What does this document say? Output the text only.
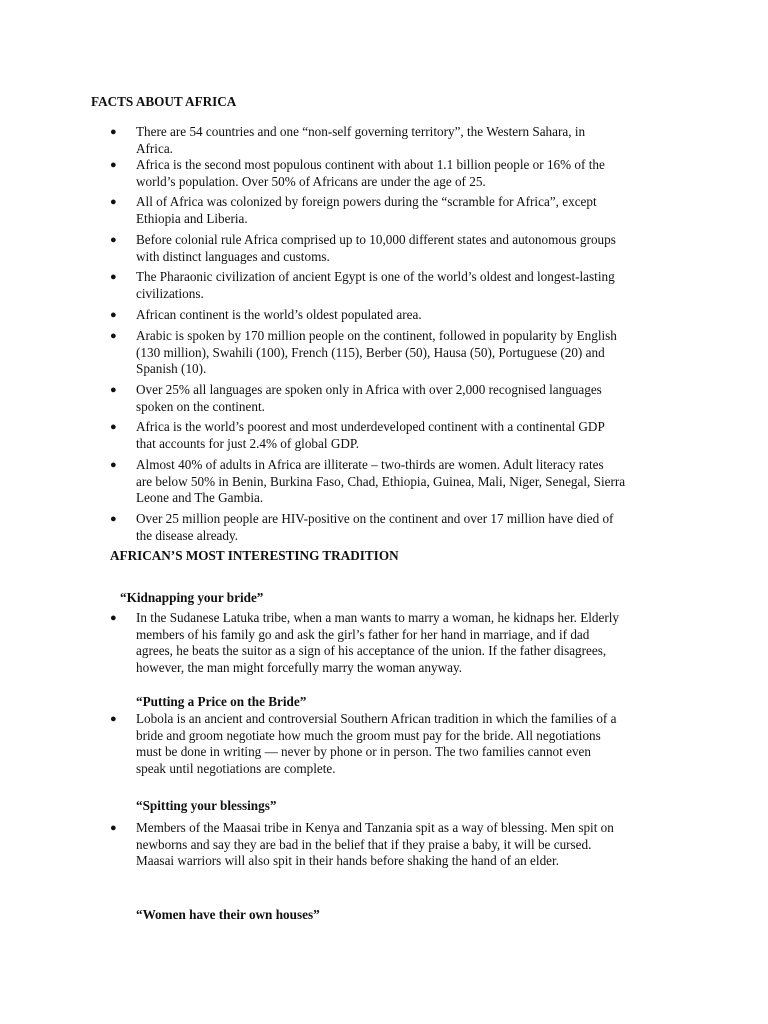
FACTS ABOUT AFRICA
● There are 54 countries and one “non-self governing territory”, the Western Sahara, in
Africa.
● Africa is the second most populous continent with about 1.1 billion people or 16% of the
world’s population. Over 50% of Africans are under the age of 25.
● All of Africa was colonized by foreign powers during the “scramble for Africa”, except
Ethiopia and Liberia.
● Before colonial rule Africa comprised up to 10,000 different states and autonomous groups
with distinct languages and customs.
● The Pharaonic civilization of ancient Egypt is one of the world’s oldest and longest-lasting
civilizations.
● African continent is the world’s oldest populated area.
● Arabic is spoken by 170 million people on the continent, followed in popularity by English
(130 million), Swahili (100), French (115), Berber (50), Hausa (50), Portuguese (20) and
Spanish (10).
● Over 25% all languages are spoken only in Africa with over 2,000 recognised languages
spoken on the continent.
● Africa is the world’s poorest and most underdeveloped continent with a continental GDP
that accounts for just 2.4% of global GDP.
● Almost 40% of adults in Africa are illiterate – two-thirds are women. Adult literacy rates
are below 50% in Benin, Burkina Faso, Chad, Ethiopia, Guinea, Mali, Niger, Senegal, Sierra
Leone and The Gambia.
● Over 25 million people are HIV-positive on the continent and over 17 million have died of
the disease already.
AFRICAN’S MOST INTERESTING TRADITION
“Kidnapping your bride”
● In the Sudanese Latuka tribe, when a man wants to marry a woman, he kidnaps her. Elderly
members of his family go and ask the girl’s father for her hand in marriage, and if dad
agrees, he beats the suitor as a sign of his acceptance of the union. If the father disagrees,
however, the man might forcefully marry the woman anyway.
“Putting a Price on the Bride”
● Lobola is an ancient and controversial Southern African tradition in which the families of a
bride and groom negotiate how much the groom must pay for the bride. All negotiations
must be done in writing — never by phone or in person. The two families cannot even
speak until negotiations are complete.
“Spitting your blessings”
● Members of the Maasai tribe in Kenya and Tanzania spit as a way of blessing. Men spit on
newborns and say they are bad in the belief that if they praise a baby, it will be cursed.
Maasai warriors will also spit in their hands before shaking the hand of an elder.
“Women have their own houses”
